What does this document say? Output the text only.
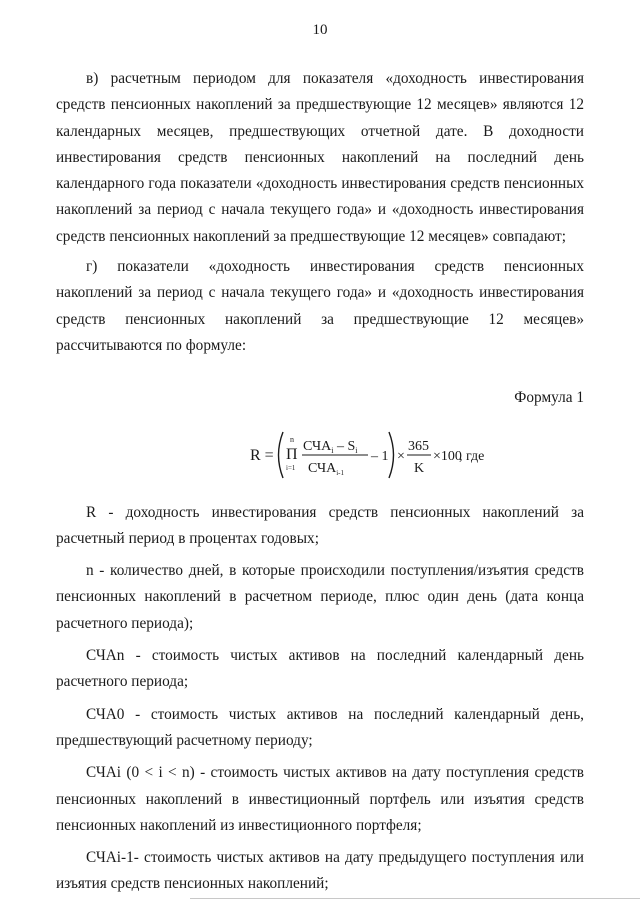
10

в) расчетным периодом для показателя «доходность инвестирования средств пенсионных накоплений за предшествующие 12 месяцев» являются 12 календарных месяцев, предшествующих отчетной дате. В доходности инвестирования средств пенсионных накоплений на последний день календарного года показатели «доходность инвестирования средств пенсионных накоплений за период с начала текущего года» и «доходность инвестирования средств пенсионных накоплений за предшествующие 12 месяцев» совпадают;

г) показатели «доходность инвестирования средств пенсионных накоплений за период с начала текущего года» и «доходность инвестирования средств пенсионных накоплений за предшествующие 12 месяцев» рассчитываются по формуле:

Формула 1
R =
n
Π
i=1
$СЧА_i - S_i$
$СЧА_{i-1}$
– 1 ×
365
K
×100
, где

R - доходность инвестирования средств пенсионных накоплений за расчетный период в процентах годовых;

n - количество дней, в которые происходили поступления/изъятия средств пенсионных накоплений в расчетном периоде, плюс один день (дата конца расчетного периода);

СЧАn - стоимость чистых активов на последний календарный день расчетного периода;

СЧА0 - стоимость чистых активов на последний календарный день, предшествующий расчетному периоду;

СЧАi (0 < i < n) - стоимость чистых активов на дату поступления средств пенсионных накоплений в инвестиционный портфель или изъятия средств пенсионных накоплений из инвестиционного портфеля;

СЧАi-1- стоимость чистых активов на дату предыдущего поступления или изъятия средств пенсионных накоплений;
